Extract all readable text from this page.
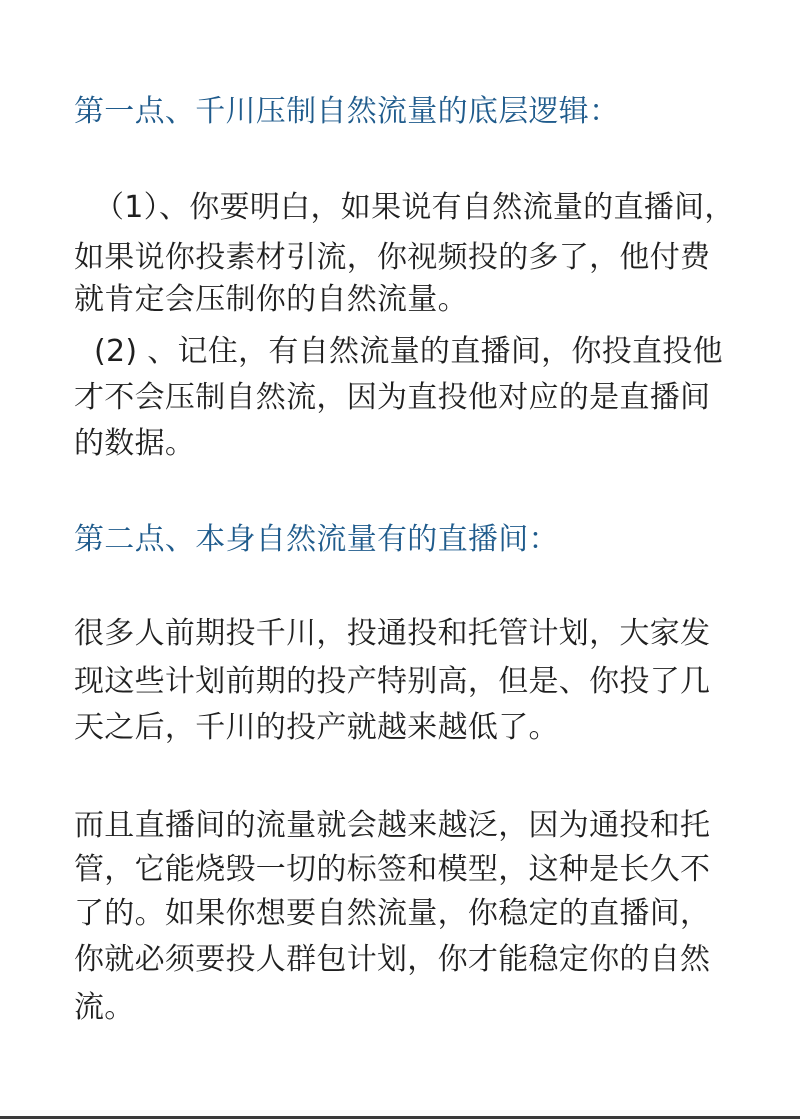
第一点、千川压制自然流量的底层逻辑：

（1）、你要明白，如果说有自然流量的直播间，

如果说你投素材引流，你视频投的多了，他付费

就肯定会压制你的自然流量。

(2) 、记住，有自然流量的直播间，你投直投他

才不会压制自然流，因为直投他对应的是直播间

的数据。

第二点、本身自然流量有的直播间：

很多人前期投千川，投通投和托管计划，大家发

现这些计划前期的投产特别高，但是、你投了几

天之后，千川的投产就越来越低了。

而且直播间的流量就会越来越泛，因为通投和托

管，它能烧毁一切的标签和模型，这种是长久不

了的。如果你想要自然流量，你稳定的直播间，

你就必须要投人群包计划，你才能稳定你的自然

流。
